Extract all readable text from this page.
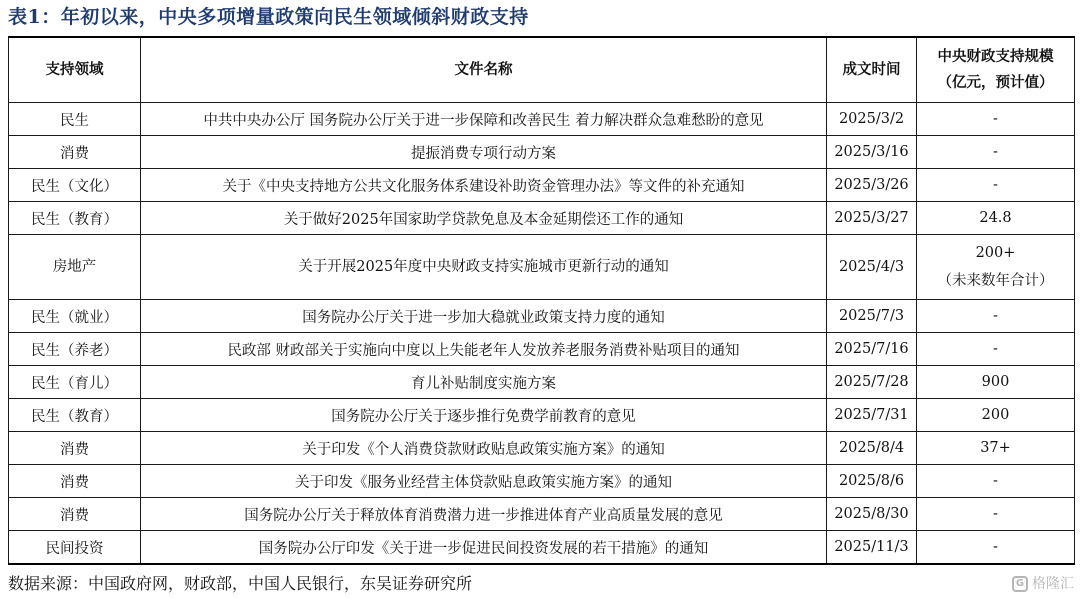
表1：年初以来，中央多项增量政策向民生领域倾斜财政支持
支持领域	文件名称	成文时间	中央财政支持规模
（亿元，预计值）

民生	中共中央办公厅 国务院办公厅关于进一步保障和改善民生 着力解决群众急难愁盼的意见	2025/3/2	-
消费	提振消费专项行动方案	2025/3/16	-
民生（文化）	关于《中央支持地方公共文化服务体系建设补助资金管理办法》等文件的补充通知	2025/3/26	-
民生（教育）	关于做好2025年国家助学贷款免息及本金延期偿还工作的通知	2025/3/27	24.8
房地产	关于开展2025年度中央财政支持实施城市更新行动的通知	2025/4/3	200+
（未来数年合计）

民生（就业）	国务院办公厅关于进一步加大稳就业政策支持力度的通知	2025/7/3	-
民生（养老）	民政部 财政部关于实施向中度以上失能老年人发放养老服务消费补贴项目的通知	2025/7/16	-
民生（育儿）	育儿补贴制度实施方案	2025/7/28	900
民生（教育）	国务院办公厅关于逐步推行免费学前教育的意见	2025/7/31	200
消费	关于印发《个人消费贷款财政贴息政策实施方案》的通知	2025/8/4	37+
消费	关于印发《服务业经营主体贷款贴息政策实施方案》的通知	2025/8/6	-
消费	国务院办公厅关于释放体育消费潜力进一步推进体育产业高质量发展的意见	2025/8/30	-
民间投资	国务院办公厅印发《关于进一步促进民间投资发展的若干措施》的通知	2025/11/3	-
数据来源：中国政府网，财政部，中国人民银行，东吴证券研究所	G 格隆汇
